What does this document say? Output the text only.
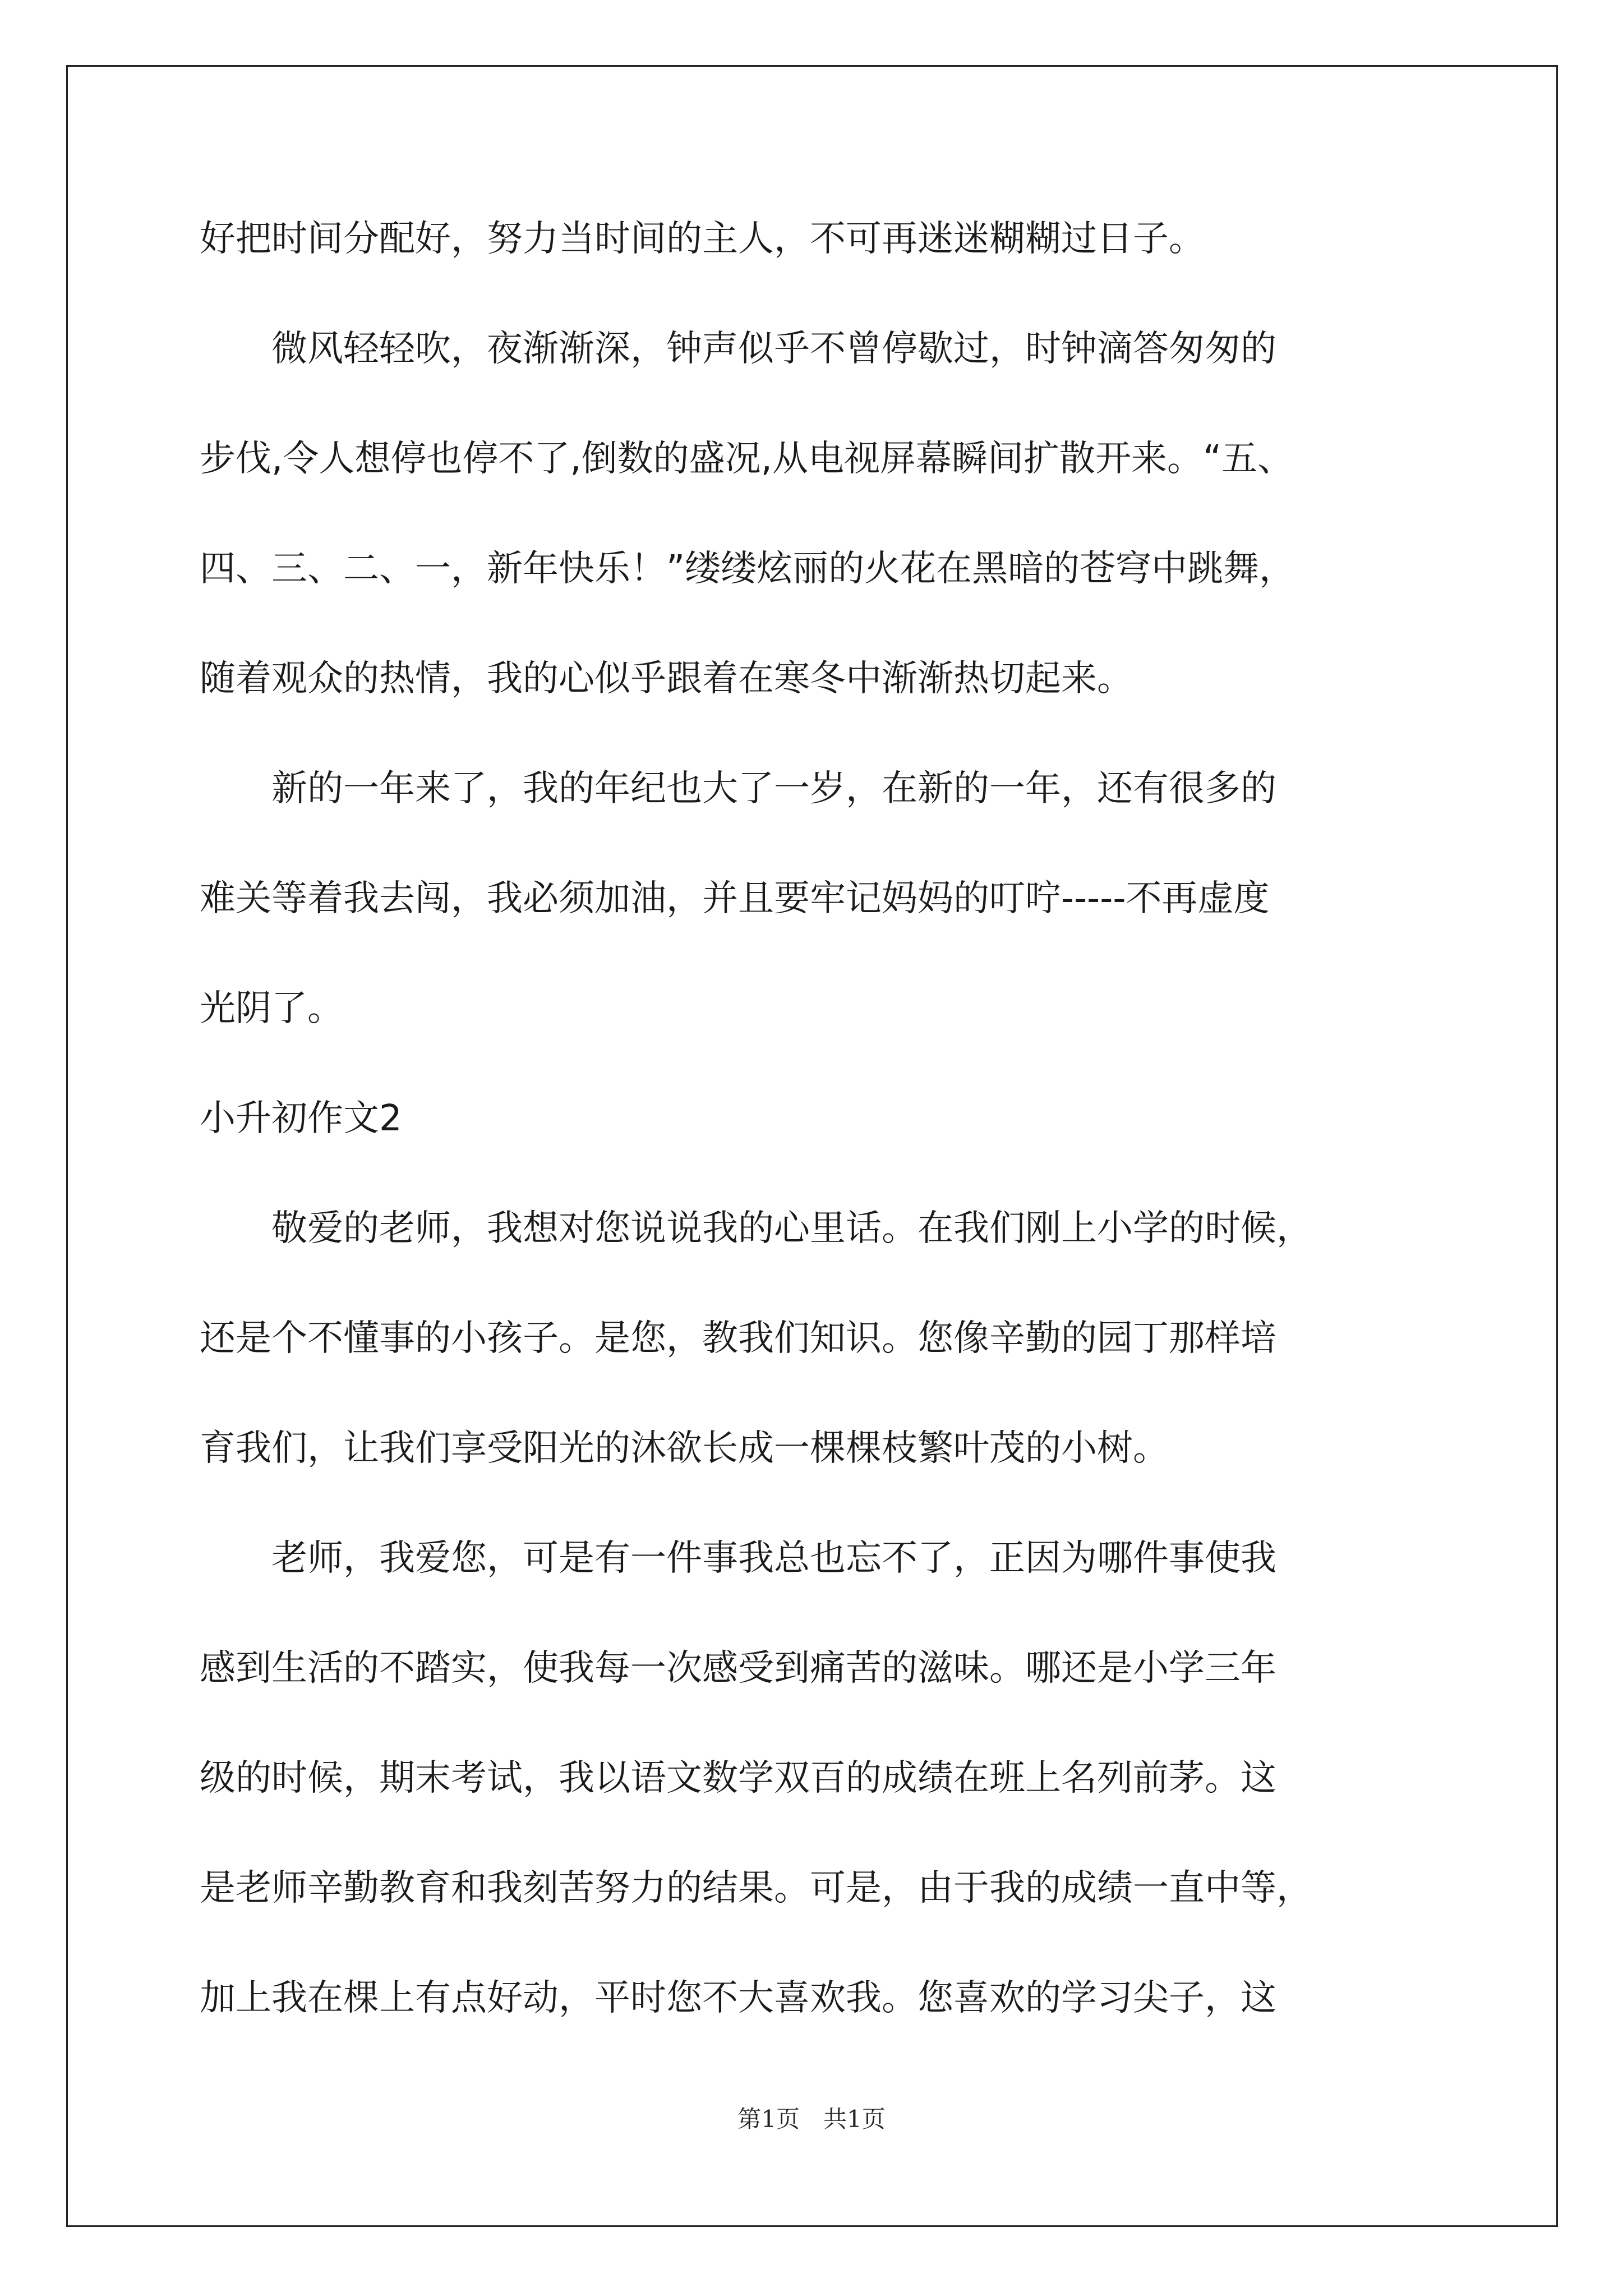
好把时间分配好，努力当时间的主人，不可再迷迷糊糊过日子。

　　微风轻轻吹，夜渐渐深，钟声似乎不曾停歇过，时钟滴答匆匆的

步伐,令人想停也停不了,倒数的盛况,从电视屏幕瞬间扩散开来。“五、

四、三、二、一，新年快乐！”缕缕炫丽的火花在黑暗的苍穹中跳舞，

随着观众的热情，我的心似乎跟着在寒冬中渐渐热切起来。

　　新的一年来了，我的年纪也大了一岁，在新的一年，还有很多的

难关等着我去闯，我必须加油，并且要牢记妈妈的叮咛-----不再虚度

光阴了。

小升初作文2

　　敬爱的老师，我想对您说说我的心里话。在我们刚上小学的时候，

还是个不懂事的小孩子。是您，教我们知识。您像辛勤的园丁那样培

育我们，让我们享受阳光的沐欲长成一棵棵枝繁叶茂的小树。

　　老师，我爱您，可是有一件事我总也忘不了，正因为哪件事使我

感到生活的不踏实，使我每一次感受到痛苦的滋味。哪还是小学三年

级的时候，期末考试，我以语文数学双百的成绩在班上名列前茅。这

是老师辛勤教育和我刻苦努力的结果。可是，由于我的成绩一直中等，

第1页　共1页

加上我在棵上有点好动，平时您不大喜欢我。您喜欢的学习尖子，这
